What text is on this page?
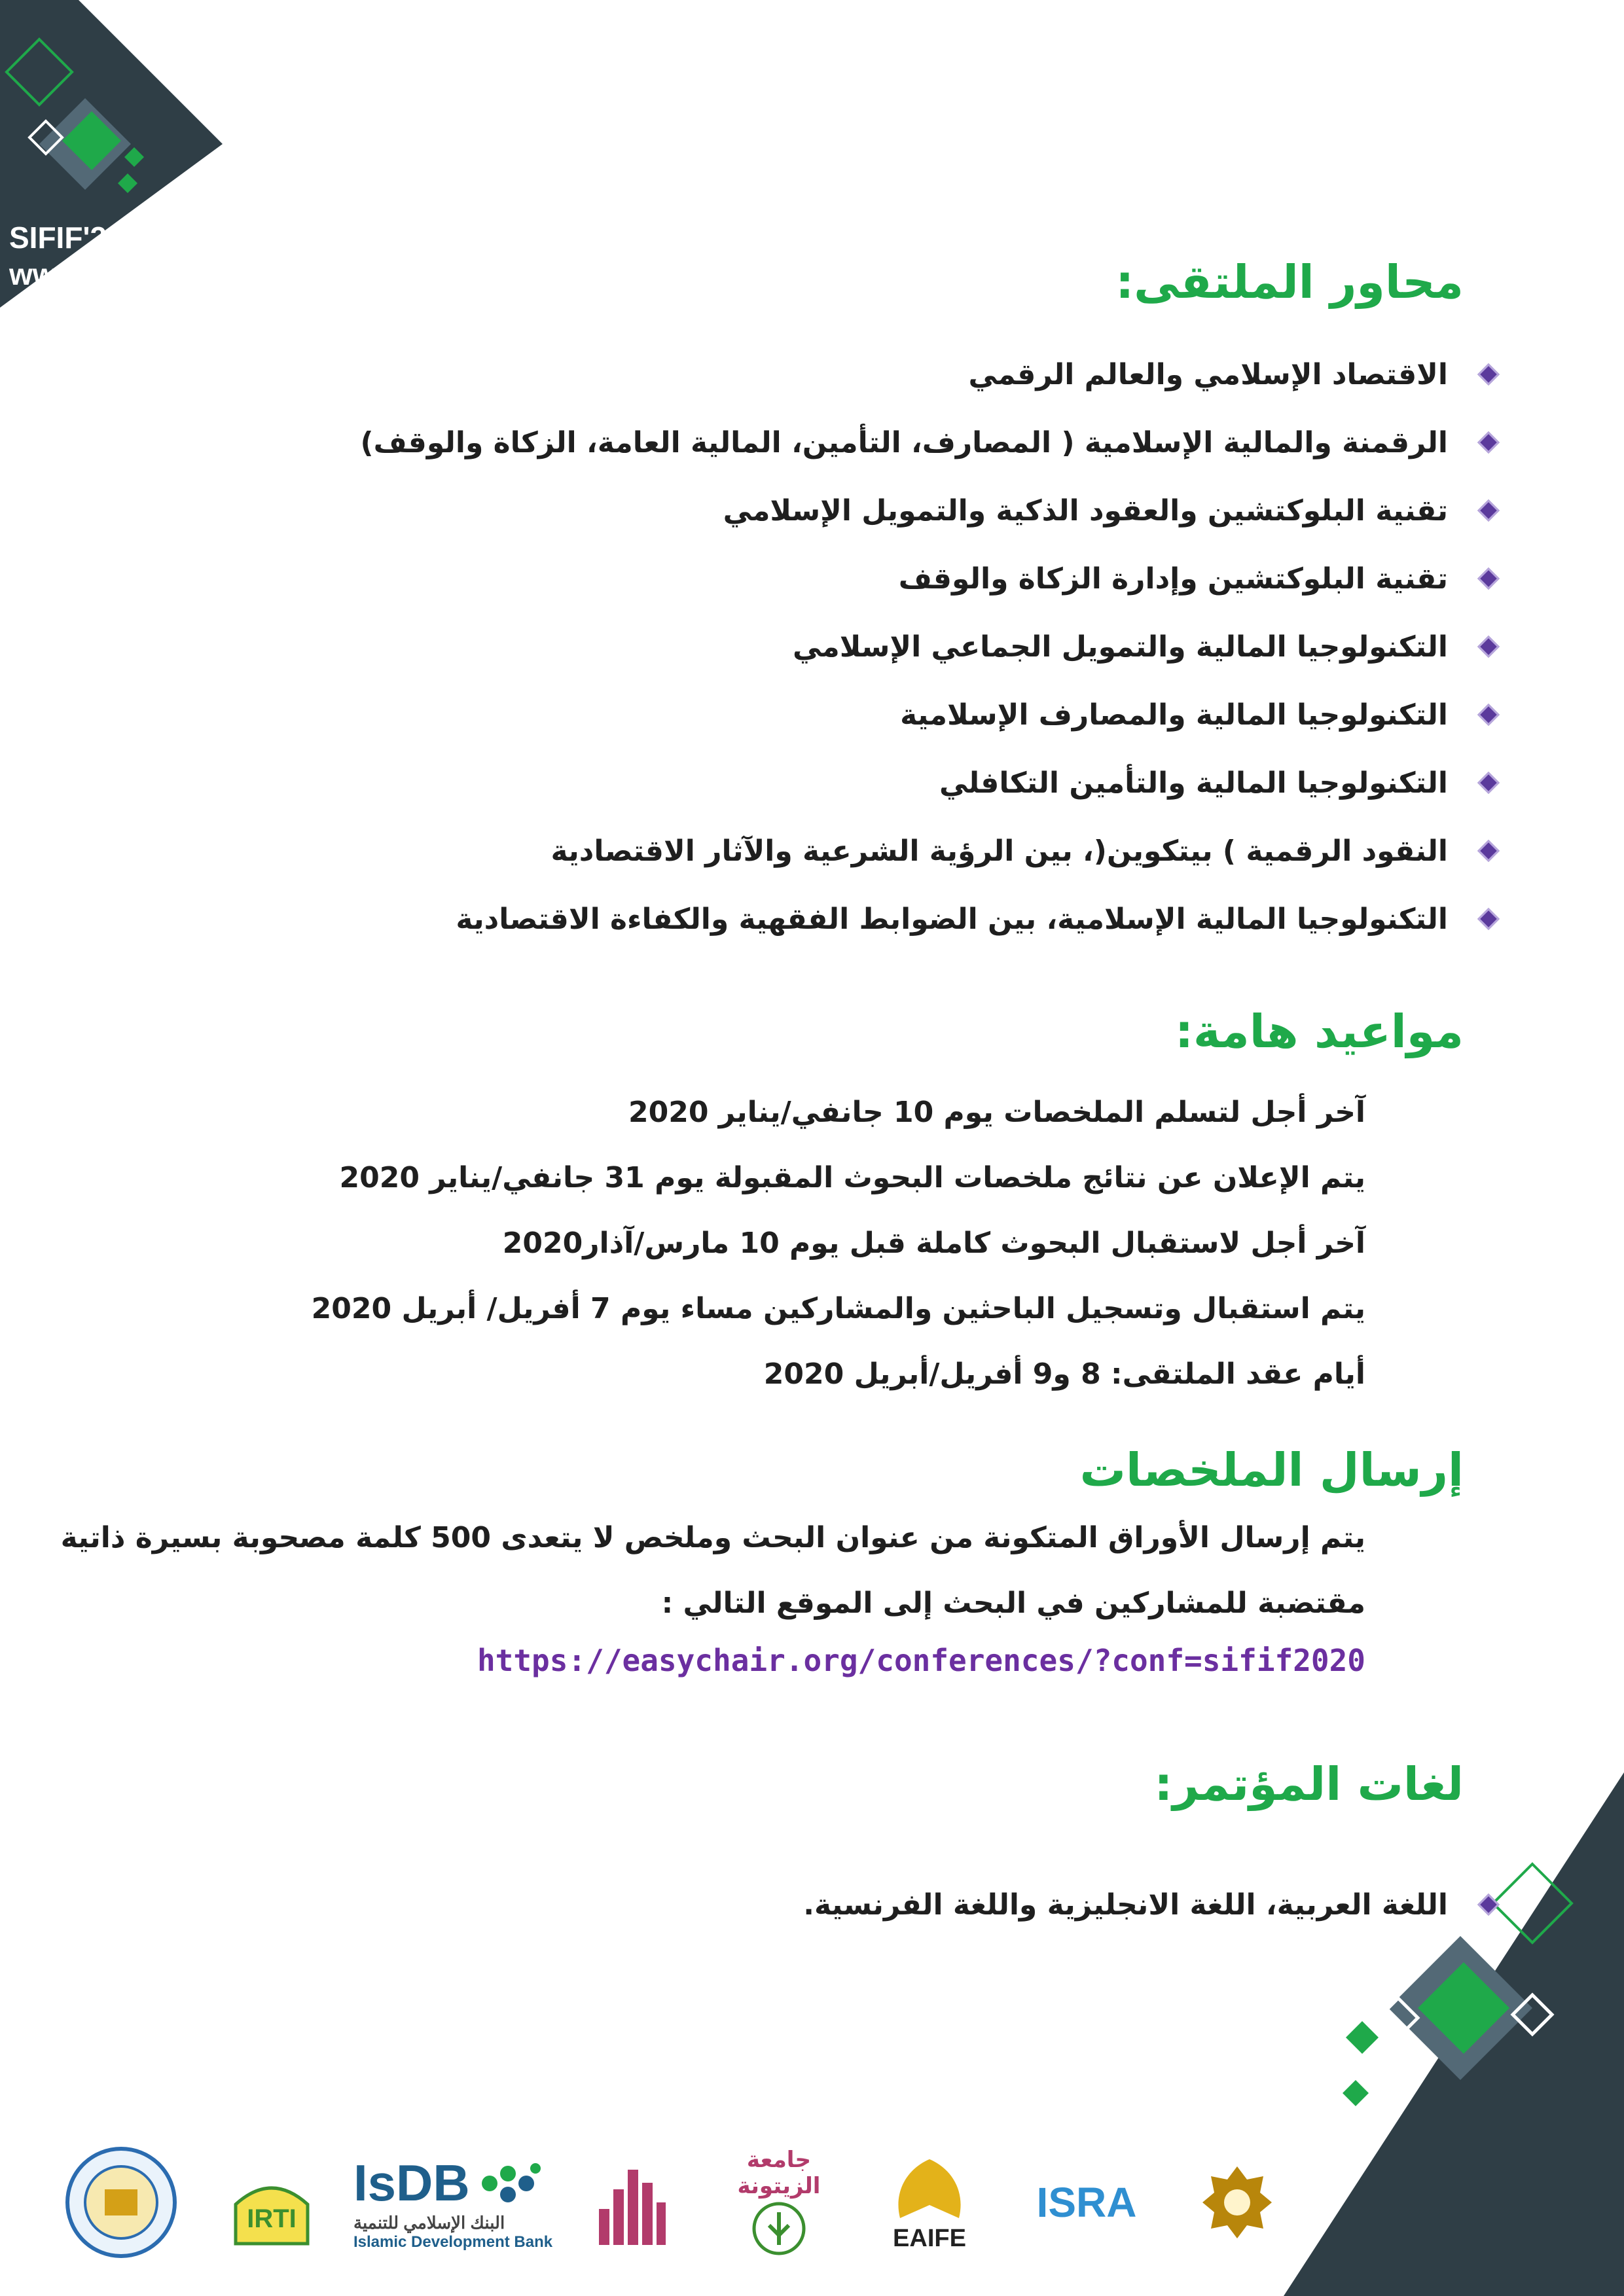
SIFIF'2020
www.sifif.tn	محاور الملتقى:
الاقتصاد الإسلامي والعالم الرقمي
الرقمنة والمالية الإسلامية ( المصارف، التأمين، المالية العامة، الزكاة والوقف)
تقنية البلوكتشين والعقود الذكية والتمويل الإسلامي
تقنية البلوكتشين وإدارة الزكاة والوقف
التكنولوجيا المالية والتمويل الجماعي الإسلامي
التكنولوجيا المالية والمصارف الإسلامية
التكنولوجيا المالية والتأمين التكافلي
النقود الرقمية ) بيتكوين(، بين الرؤية الشرعية والآثار الاقتصادية
التكنولوجيا المالية الإسلامية، بين الضوابط الفقهية والكفاءة الاقتصادية
مواعيد هامة:
آخر أجل لتسلم الملخصات يوم 10 جانفي/يناير 2020
يتم الإعلان عن نتائج ملخصات البحوث المقبولة يوم 31 جانفي/يناير 2020
آخر أجل لاستقبال البحوث كاملة قبل يوم 10 مارس/آذار2020
يتم استقبال وتسجيل الباحثين والمشاركين مساء يوم 7 أفريل/ أبريل 2020
أيام عقد الملتقى: 8 و9 أفريل/أبريل 2020
إرسال الملخصات
يتم إرسال الأوراق المتكونة من عنوان البحث وملخص لا يتعدى 500 كلمة مصحوبة بسيرة ذاتية
مقتضبة للمشاركين في البحث إلى الموقع التالي :
https://easychair.org/conferences/?conf=sifif2020
لغات المؤتمر:
اللغة العربية، اللغة الانجليزية واللغة الفرنسية.
IRTI
IsDB
البنك الإسلامي للتنمية
Islamic Development Bank
جامعة الزيتونة
EAIFE
ISRA
